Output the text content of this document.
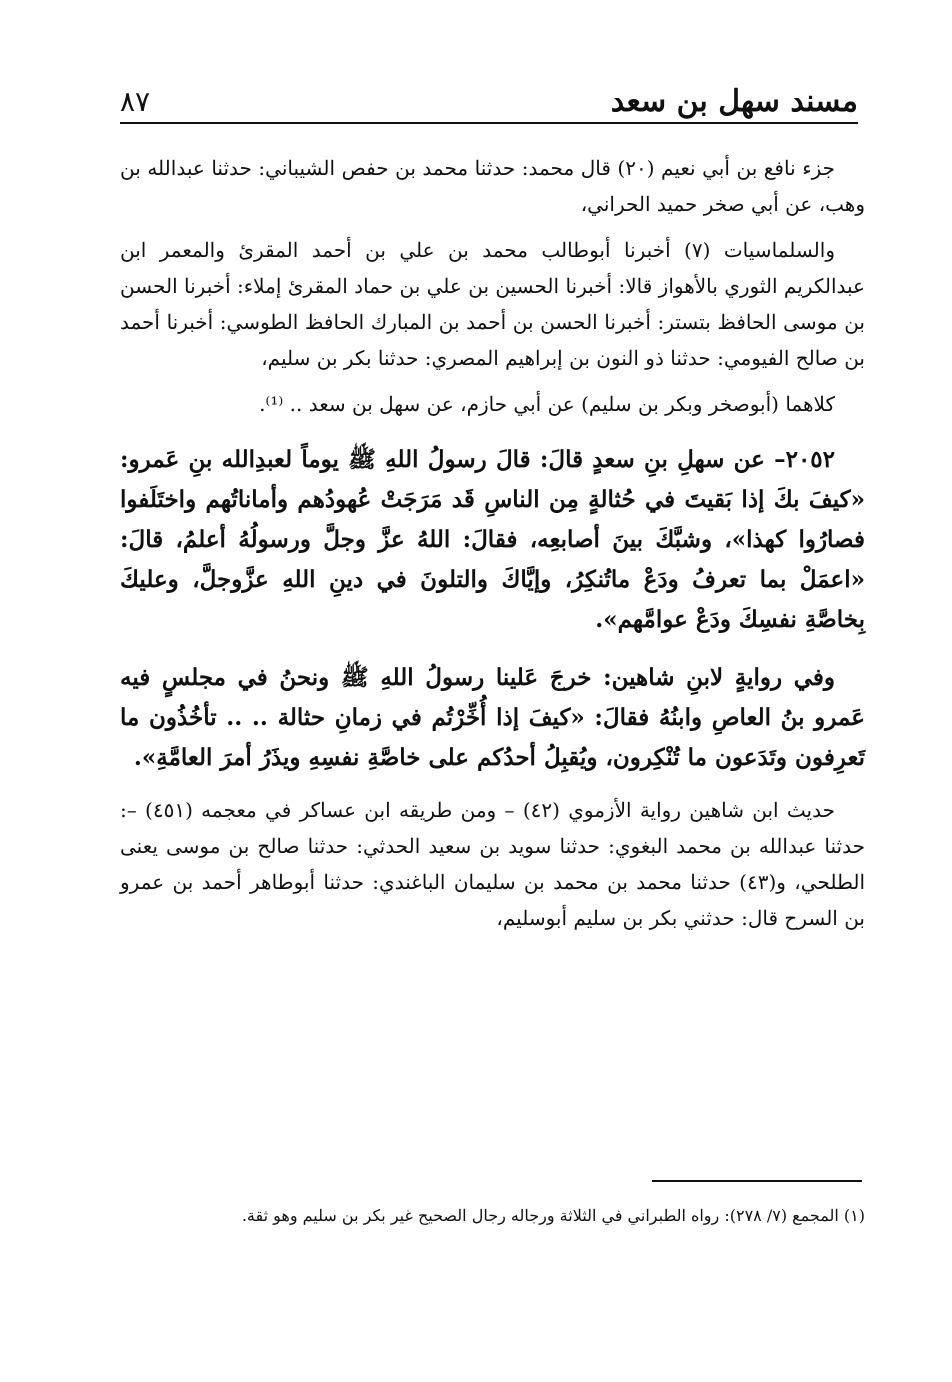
مسند سهل بن سعد
٨٧

جزء نافع بن أبي نعيم (٢٠) قال محمد: حدثنا محمد بن حفص الشيباني: حدثنا عبدالله بن وهب، عن أبي صخر حميد الحراني،

والسلماسيات (٧) أخبرنا أبوطالب محمد بن علي بن أحمد المقرئ والمعمر ابن عبدالكريم الثوري بالأهواز قالا: أخبرنا الحسين بن علي بن حماد المقرئ إملاء: أخبرنا الحسن بن موسى الحافظ بتستر: أخبرنا الحسن بن أحمد بن المبارك الحافظ الطوسي: أخبرنا أحمد بن صالح الفيومي: حدثنا ذو النون بن إبراهيم المصري: حدثنا بكر بن سليم،

كلاهما (أبوصخر وبكر بن سليم) عن أبي حازم، عن سهل بن سعد .. ⁽¹⁾.

٢٠٥٢– عن سهلِ بنِ سعدٍ قالَ: قالَ رسولُ اللهِ ﷺ يوماً لعبدِالله بنِ عَمرو: «كيفَ بكَ إذا بَقيتَ في حُثالةٍ مِن الناسِ قَد مَرَجَتْ عُهودُهم وأماناتُهم واختَلَفوا فصارُوا كهذا»، وشبَّكَ بينَ أصابعِه، فقالَ: اللهُ عزَّ وجلَّ ورسولُهُ أعلمُ، قالَ: «اعمَلْ بما تعرفُ ودَعْ ماتُنكِرُ، وإيَّاكَ والتلونَ في دينِ اللهِ عزَّوجلَّ، وعليكَ بِخاصَّةِ نفسِكَ ودَعْ عوامَّهم».

وفي روايةٍ لابنِ شاهين: خرجَ عَلينا رسولُ اللهِ ﷺ ونحنُ في مجلسٍ فيه عَمرو بنُ العاصِ وابنُهُ فقالَ: «كيفَ إذا أُخِّرْتُم في زمانِ حثالة .. .. تأخُذُون ما تَعرِفون وتَدَعون ما تُنْكِرون، ويُقبِلُ أحدُكم على خاصَّةِ نفسِهِ ويذَرُ أمرَ العامَّةِ».

حديث ابن شاهين رواية الأزموي (٤٢) – ومن طريقه ابن عساكر في معجمه (٤٥١) –: حدثنا عبدالله بن محمد البغوي: حدثنا سويد بن سعيد الحدثي: حدثنا صالح بن موسى يعنى الطلحي، و(٤٣) حدثنا محمد بن محمد بن سليمان الباغندي: حدثنا أبوطاهر أحمد بن عمرو بن السرح قال: حدثني بكر بن سليم أبوسليم،

(١) المجمع (٧/ ٢٧٨): رواه الطبراني في الثلاثة ورجاله رجال الصحيح غير بكر بن سليم وهو ثقة.
